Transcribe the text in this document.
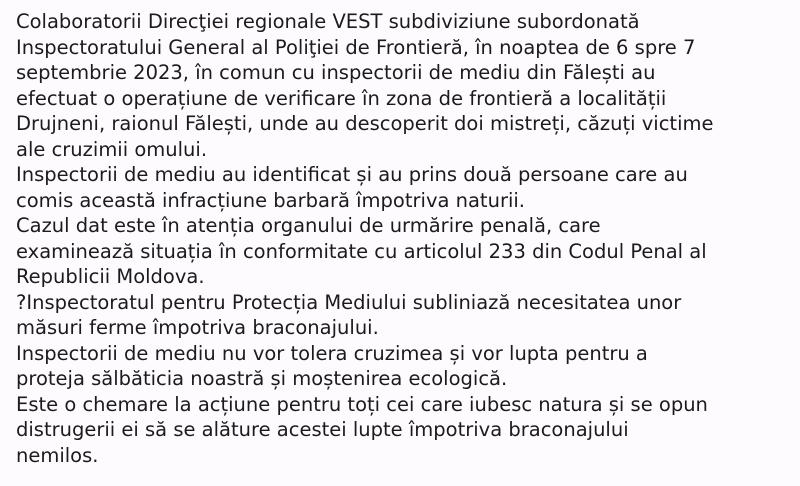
Colaboratorii Direcţiei regionale VEST subdiviziune subordonată
Inspectoratului General al Poliţiei de Frontieră, în noaptea de 6 spre 7
septembrie 2023, în comun cu inspectorii de mediu din Fălești au
efectuat o operațiune de verificare în zona de frontieră a localității
Drujneni, raionul Fălești, unde au descoperit doi mistreți, căzuți victime
ale cruzimii omului.

Inspectorii de mediu au identificat și au prins două persoane care au
comis această infracțiune barbară împotriva naturii.

Cazul dat este în atenția organului de urmărire penală, care
examinează situația în conformitate cu articolul 233 din Codul Penal al
Republicii Moldova.

?Inspectoratul pentru Protecția Mediului subliniază necesitatea unor
măsuri ferme împotriva braconajului.

Inspectorii de mediu nu vor tolera cruzimea și vor lupta pentru a
proteja sălbăticia noastră și moștenirea ecologică.

Este o chemare la acțiune pentru toți cei care iubesc natura și se opun
distrugerii ei să se alăture acestei lupte împotriva braconajului
nemilos.
